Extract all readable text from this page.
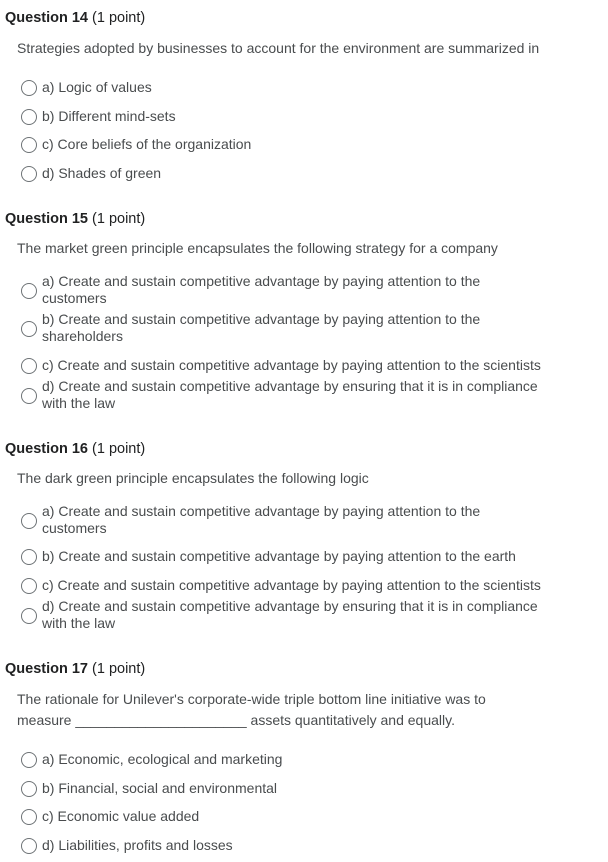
Question 14 (1 point)
Strategies adopted by businesses to account for the environment are summarized in
a) Logic of values
b) Different mind-sets
c) Core beliefs of the organization
d) Shades of green
Question 15 (1 point)
The market green principle encapsulates the following strategy for a company
a) Create and sustain competitive advantage by paying attention to the customers
b) Create and sustain competitive advantage by paying attention to the shareholders
c) Create and sustain competitive advantage by paying attention to the scientists
d) Create and sustain competitive advantage by ensuring that it is in compliance with the law
Question 16 (1 point)
The dark green principle encapsulates the following logic
a) Create and sustain competitive advantage by paying attention to the customers
b) Create and sustain competitive advantage by paying attention to the earth
c) Create and sustain competitive advantage by paying attention to the scientists
d) Create and sustain competitive advantage by ensuring that it is in compliance with the law
Question 17 (1 point)
The rationale for Unilever's corporate-wide triple bottom line initiative was to measure ______________________ assets quantitatively and equally.
a) Economic, ecological and marketing
b) Financial, social and environmental
c) Economic value added
d) Liabilities, profits and losses
